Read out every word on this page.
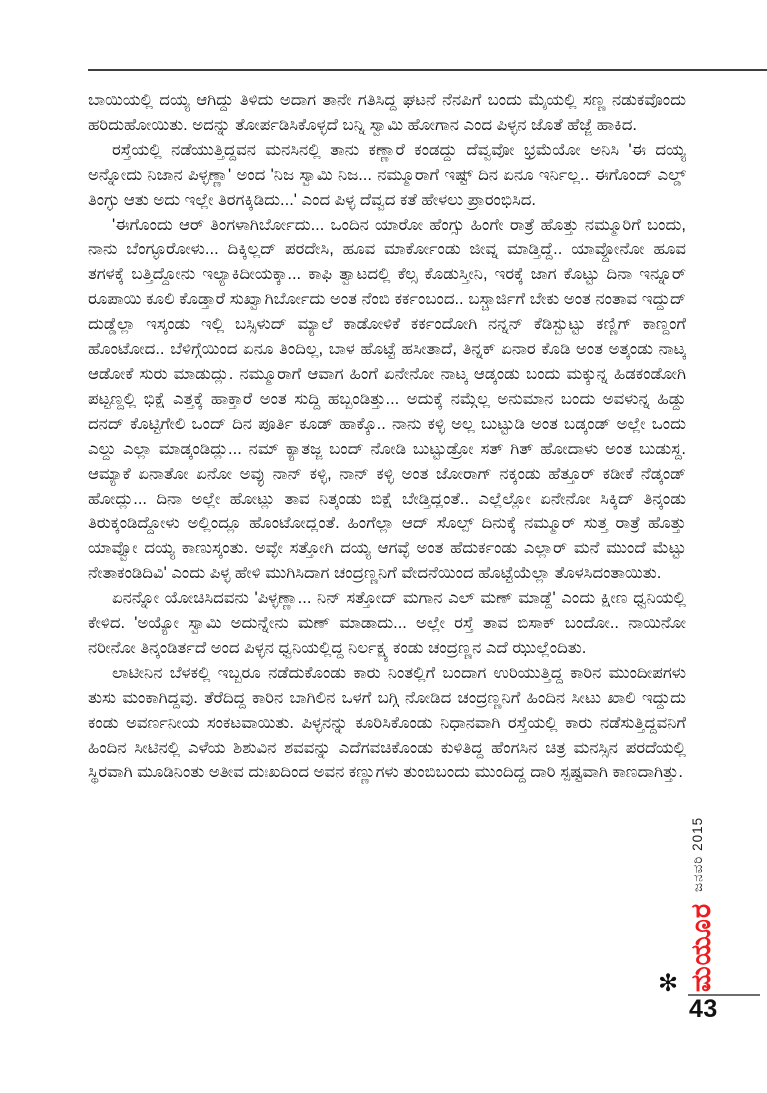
ಬಾಯಿಯಲ್ಲಿ ದಯ್ಯ ಆಗಿದ್ದು ತಿಳಿದು ಅದಾಗ ತಾನೇ ಗತಿಸಿದ್ದ ಘಟನೆ ನೆನಪಿಗೆ ಬಂದು ಮೈಯಲ್ಲಿ ಸಣ್ಣ ನಡುಕವೊಂದು ಹರಿದುಹೋಯಿತು. ಅದನ್ನು ತೋರ್ಪಡಿಸಿಕೊಳ್ಳದೆ ಬನ್ನಿ ಸ್ವಾಮಿ ಹೋಗಾನ ಎಂದ ಪಿಳ್ಳನ ಜೊತೆ ಹೆಜ್ಜೆ ಹಾಕಿದ.

ರಸ್ತೆಯಲ್ಲಿ ನಡೆಯುತ್ತಿದ್ದವನ ಮನಸಿನಲ್ಲಿ ತಾನು ಕಣ್ಣಾರೆ ಕಂಡದ್ದು ದೆವ್ವವೋ ಭ್ರಮೆಯೋ ಅನಿಸಿ 'ಈ ದಯ್ಯ ಅನ್ನೋದು ನಿಜಾನ ಪಿಳ್ಳಣ್ಣಾ' ಅಂದ 'ನಿಜ ಸ್ವಾಮಿ ನಿಜ... ನಮ್ಮೂರಾಗೆ ಇಷ್ಟ್ ದಿನ ಏನೂ ಇರ್ನಿಲ್ಲ.. ಈಗೊಂದ್ ಎಲ್ಡ್ ತಿಂಗ್ಳು ಆತು ಅದು ಇಲ್ಲೇ ತಿರಗಕ್ಕಿಡಿದು...' ಎಂದ ಪಿಳ್ಳ ದೆವ್ವದ ಕತೆ ಹೇಳಲು ಪ್ರಾರಂಭಿಸಿದ.

'ಈಗೊಂದು ಆರ್ ತಿಂಗಳಾಗಿರ್ಬೋದು... ಒಂದಿನ ಯಾರೋ ಹೆಂಗ್ಸು ಹಿಂಗೇ ರಾತ್ರೆ ಹೊತ್ತು ನಮ್ಮೂರಿಗೆ ಬಂದು, ನಾನು ಬೆಂಗ್ಳೂರೋಳು... ದಿಕ್ಕಿಲ್ಲದ್ ಪರದೇಸಿ, ಹೂವ ಮಾರ್ಕೋಂಡು ಜೀವ್ನ ಮಾಡ್ತಿದ್ದೆ.. ಯಾವ್ದೋನೋ ಹೂವ ತಗಳಕ್ಕೆ ಬತ್ತಿದ್ದೋನು ಇಲ್ಯಾಕಿದೀಯಕ್ಕಾ... ಕಾಫಿ ತ್ವಾಟದಲ್ಲಿ ಕೆಲ್ಸ ಕೊಡುಸ್ತೀನಿ, ಇರಕ್ಕೆ ಜಾಗ ಕೊಟ್ಟು ದಿನಾ ಇನ್ನೂರ್ ರೂಪಾಯಿ ಕೂಲಿ ಕೊಡ್ತಾರೆ ಸುಖ್ವಾಗಿರ್ಬೋದು ಅಂತ ನೆಂಬಿ ಕರ್ಕಂಬಂದ.. ಬಸ್ಚಾರ್ಜಿಗೆ ಬೇಕು ಅಂತ ನಂತಾವ ಇದ್ದುದ್ ದುಡ್ಡೆಲ್ಲಾ ಇಸ್ಕಂಡು ಇಲ್ಲಿ ಬಸ್ಸಿಳುದ್ ಮ್ಯಾಲೆ ಕಾಡೋಳಿಕೆ ಕರ್ಕಂದೋಗಿ ನನ್ನನ್ ಕೆಡಿಸ್ಬುಟ್ಟು ಕಣ್ಣಿಗ್ ಕಾಣ್ದಂಗೆ ಹೊಂಟೋದ.. ಬೆಳಿಗ್ಗೆಯಿಂದ ಏನೂ ತಿಂದಿಲ್ಲ, ಬಾಳ ಹೊಟ್ಟೆ ಹಸೀತಾದೆ, ತಿನ್ನಕ್ ಏನಾರ ಕೊಡಿ ಅಂತ ಅತ್ಕಂಡು ನಾಟ್ಕ ಆಡೋಕೆ ಸುರು ಮಾಡುದ್ಲು. ನಮ್ಮೂರಾಗೆ ಆವಾಗ ಹಿಂಗೆ ಏನೇನೋ ನಾಟ್ಕ ಆಡ್ಕಂಡು ಬಂದು ಮಕ್ಕುನ್ನ ಹಿಡಕಂಡೋಗಿ ಪಟ್ಟಣ್ದಲ್ಲಿ ಭಿಕ್ಷೆ ಎತ್ತಕ್ಕೆ ಹಾಕ್ತಾರೆ ಅಂತ ಸುದ್ದಿ ಹಬ್ಬಂಡಿತ್ತು... ಅದುಕ್ಕೆ ನಮ್ಗೆಲ್ಲ ಅನುಮಾನ ಬಂದು ಅವಳುನ್ನ ಹಿಡ್ದು ದನದ್ ಕೊಟ್ಟಿಗೇಲಿ ಒಂದ್ ದಿನ ಪೂರ್ತಿ ಕೂಡ್ ಹಾಕ್ಕೊ.. ನಾನು ಕಳ್ಳಿ ಅಲ್ಲ ಬುಟ್ಟುಡಿ ಅಂತ ಬಡ್ಕಂಡ್ ಅಲ್ಲೇ ಒಂದು ಎಲ್ದು ಎಲ್ಲಾ ಮಾಡ್ಕಂಡಿದ್ಲು... ನಮ್ ಕ್ಯಾತಜ್ಜ ಬಂದ್ ನೋಡಿ ಬುಟ್ಟುಡ್ರೋ ಸತ್ ಗಿತ್ ಹೋದಾಳು ಅಂತ ಬುಡುಸ್ದ. ಆಮ್ಯಾಕೆ ಏನಾತೋ ಏನೋ ಅವ್ಳು ನಾನ್ ಕಳ್ಳಿ, ನಾನ್ ಕಳ್ಳಿ ಅಂತ ಜೋರಾಗ್ ನಕ್ಕಂಡು ಹೆತ್ತೂರ್ ಕಡೀಕೆ ನೆಡ್ಕಂಡ್ ಹೋದ್ಲು... ದಿನಾ ಅಲ್ಲೇ ಹೋಟ್ಲು ತಾವ ನಿತ್ಕಂಡು ಬಿಕ್ಷೆ ಬೇಡ್ತಿದ್ಲಂತೆ.. ಎಲ್ಲೆಲ್ಲೋ ಏನೇನೋ ಸಿಕ್ಕಿದ್ ತಿನ್ಕಂಡು ತಿರುಕ್ಕಂಡಿದ್ದೋಳು ಅಲ್ಲಿಂದ್ಲೂ ಹೊಂಟೋದ್ಲಂತೆ. ಹಿಂಗೆಲ್ಲಾ ಆದ್ ಸೊಲ್ಪ್ ದಿನುಕ್ಕೆ ನಮ್ಮೂರ್ ಸುತ್ತ ರಾತ್ರೆ ಹೊತ್ತು ಯಾವ್ವೋ ದಯ್ಯ ಕಾಣುಸ್ಕಂತು. ಅವ್ಳೇ ಸತ್ತೋಗಿ ದಯ್ಯ ಆಗವ್ಳೆ ಅಂತ ಹೆದುರ್ಕಂಡು ಎಲ್ಲಾರ್ ಮನೆ ಮುಂದೆ ಮೆಟ್ಟು ನೇತಾಕಂಡಿದಿವಿ' ಎಂದು ಪಿಳ್ಳ ಹೇಳಿ ಮುಗಿಸಿದಾಗ ಚಂದ್ರಣ್ಣನಿಗೆ ವೇದನೆಯಿಂದ ಹೊಟ್ಟೆಯೆಲ್ಲಾ ತೊಳಸಿದಂತಾಯಿತು.

ಏನನ್ನೋ ಯೋಚಿಸಿದವನು 'ಪಿಳ್ಳಣ್ಣಾ... ನಿನ್ ಸತ್ತೋದ್ ಮಗಾನ ಎಲ್ ಮಣ್ ಮಾಡ್ದೆ' ಎಂದು ಕ್ಷೀಣ ಧ್ವನಿಯಲ್ಲಿ ಕೇಳಿದ. 'ಅಯ್ಯೋ ಸ್ವಾಮಿ ಅದುನ್ನೇನು ಮಣ್ ಮಾಡಾದು... ಅಲ್ಲೇ ರಸ್ತೆ ತಾವ ಬಿಸಾಕ್ ಬಂದೋ.. ನಾಯಿನೋ ನರೀನೋ ತಿನ್ಕಂಡಿರ್ತದೆ ಅಂದ ಪಿಳ್ಳನ ಧ್ವನಿಯಲ್ಲಿದ್ದ ನಿರ್ಲಕ್ಷ್ಯ ಕಂಡು ಚಂದ್ರಣ್ಣನ ಎದೆ ಝುಲ್ಲೆಂದಿತು.

ಲಾಟೀನಿನ ಬೆಳಕಲ್ಲಿ ಇಬ್ಬರೂ ನಡೆದುಕೊಂಡು ಕಾರು ನಿಂತಲ್ಲಿಗೆ ಬಂದಾಗ ಉರಿಯುತ್ತಿದ್ದ ಕಾರಿನ ಮುಂದೀಪಗಳು ತುಸು ಮಂಕಾಗಿದ್ದವು. ತೆರೆದಿದ್ದ ಕಾರಿನ ಬಾಗಿಲಿನ ಒಳಗೆ ಬಗ್ಗಿ ನೋಡಿದ ಚಂದ್ರಣ್ಣನಿಗೆ ಹಿಂದಿನ ಸೀಟು ಖಾಲಿ ಇದ್ದುದು ಕಂಡು ಅವರ್ಣನೀಯ ಸಂಕಟವಾಯಿತು. ಪಿಳ್ಳನನ್ನು ಕೂರಿಸಿಕೊಂಡು ನಿಧಾನವಾಗಿ ರಸ್ತೆಯಲ್ಲಿ ಕಾರು ನಡೆಸುತ್ತಿದ್ದವನಿಗೆ ಹಿಂದಿನ ಸೀಟಿನಲ್ಲಿ ಎಳೆಯ ಶಿಶುವಿನ ಶವವನ್ನು ಎದೆಗವಚಿಕೊಂಡು ಕುಳಿತಿದ್ದ ಹೆಂಗಸಿನ ಚಿತ್ರ ಮನಸ್ಸಿನ ಪರದೆಯಲ್ಲಿ ಸ್ಥಿರವಾಗಿ ಮೂಡಿನಿಂತು ಅತೀವ ದುಃಖದಿಂದ ಅವನ ಕಣ್ಣುಗಳು ತುಂಬಿಬಂದು ಮುಂದಿದ್ದ ದಾರಿ ಸ್ಪಷ್ಟವಾಗಿ ಕಾಣದಾಗಿತ್ತು.

✻
ಜನವರಿ 2015
ಮಯೂರ
43
